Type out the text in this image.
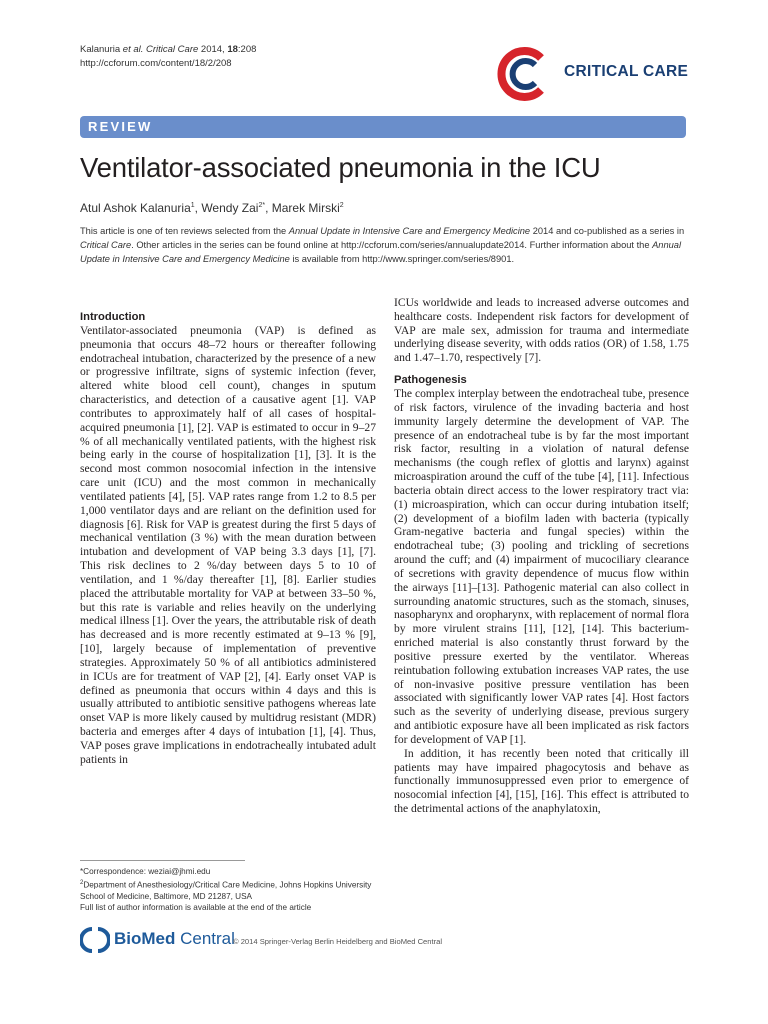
Kalanuria et al. Critical Care 2014, 18:208
http://ccforum.com/content/18/2/208	CRITICAL CARE
REVIEW
Ventilator-associated pneumonia in the ICU
Atul Ashok Kalanuria$^1$, Wendy Zai$^{2*}$, Marek Mirski$^2$
This article is one of ten reviews selected from the Annual Update in Intensive Care and Emergency Medicine 2014 and co-published as a series in Critical Care. Other articles in the series can be found online at http://ccforum.com/series/annualupdate2014. Further information about the Annual Update in Intensive Care and Emergency Medicine is available from http://www.springer.com/series/8901.

Introduction

Ventilator-associated pneumonia (VAP) is defined as pneumonia that occurs 48–72 hours or thereafter following endotracheal intubation, characterized by the presence of a new or progressive infiltrate, signs of systemic infection (fever, altered white blood cell count), changes in sputum characteristics, and detection of a causative agent [1]. VAP contributes to approximately half of all cases of hospital-acquired pneumonia [1], [2]. VAP is estimated to occur in 9–27 % of all mechanically ventilated patients, with the highest risk being early in the course of hospitalization [1], [3]. It is the second most common nosocomial infection in the intensive care unit (ICU) and the most common in mechanically ventilated patients [4], [5]. VAP rates range from 1.2 to 8.5 per 1,000 ventilator days and are reliant on the definition used for diagnosis [6]. Risk for VAP is greatest during the first 5 days of mechanical ventilation (3 %) with the mean duration between intubation and development of VAP being 3.3 days [1], [7]. This risk declines to 2 %/day between days 5 to 10 of ventilation, and 1 %/day thereafter [1], [8]. Earlier studies placed the attributable mortality for VAP at between 33–50 %, but this rate is variable and relies heavily on the underlying medical illness [1]. Over the years, the attributable risk of death has decreased and is more recently estimated at 9–13 % [9], [10], largely because of implementation of preventive strategies. Approximately 50 % of all antibiotics administered in ICUs are for treatment of VAP [2], [4]. Early onset VAP is defined as pneumonia that occurs within 4 days and this is usually attributed to antibiotic sensitive pathogens whereas late onset VAP is more likely caused by multidrug resistant (MDR) bacteria and emerges after 4 days of intubation [1], [4]. Thus, VAP poses grave implications in endotracheally intubated adult patients in

ICUs worldwide and leads to increased adverse outcomes and healthcare costs. Independent risk factors for development of VAP are male sex, admission for trauma and intermediate underlying disease severity, with odds ratios (OR) of 1.58, 1.75 and 1.47–1.70, respectively [7].

Pathogenesis

The complex interplay between the endotracheal tube, presence of risk factors, virulence of the invading bacteria and host immunity largely determine the development of VAP. The presence of an endotracheal tube is by far the most important risk factor, resulting in a violation of natural defense mechanisms (the cough reflex of glottis and larynx) against microaspiration around the cuff of the tube [4], [11]. Infectious bacteria obtain direct access to the lower respiratory tract via: (1) microaspiration, which can occur during intubation itself; (2) development of a biofilm laden with bacteria (typically Gram-negative bacteria and fungal species) within the endotracheal tube; (3) pooling and trickling of secretions around the cuff; and (4) impairment of mucociliary clearance of secretions with gravity dependence of mucus flow within the airways [11]–[13]. Pathogenic material can also collect in surrounding anatomic structures, such as the stomach, sinuses, nasopharynx and oropharynx, with replacement of normal flora by more virulent strains [11], [12], [14]. This bacterium-enriched material is also constantly thrust forward by the positive pressure exerted by the ventilator. Whereas reintubation following extubation increases VAP rates, the use of non-invasive positive pressure ventilation has been associated with significantly lower VAP rates [4]. Host factors such as the severity of underlying disease, previous surgery and antibiotic exposure have all been implicated as risk factors for development of VAP [1].

In addition, it has recently been noted that critically ill patients may have impaired phagocytosis and behave as functionally immunosuppressed even prior to emergence of nosocomial infection [4], [15], [16]. This effect is attributed to the detrimental actions of the anaphylatoxin,

*Correspondence: weziai@jhmi.edu
$^2$Department of Anesthesiology/Critical Care Medicine, Johns Hopkins University
School of Medicine, Baltimore, MD 21287, USA
Full list of author information is available at the end of the article
BioMed Central
© 2014 Springer-Verlag Berlin Heidelberg and BioMed Central
